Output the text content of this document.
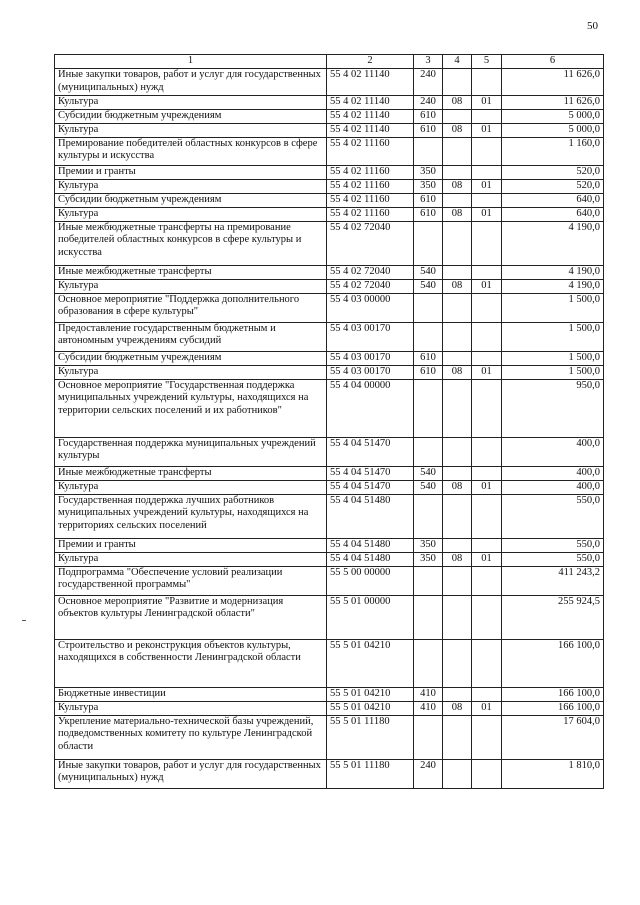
50
1	2	3	4	5	6
Иные закупки товаров, работ и услуг для государственных (муниципальных) нужд	55 4 02 11140	240			11 626,0
Культура	55 4 02 11140	240	08	01	11 626,0
Субсидии бюджетным учреждениям	55 4 02 11140	610			5 000,0
Культура	55 4 02 11140	610	08	01	5 000,0
Премирование победителей областных конкурсов в сфере культуры и искусства	55 4 02 11160				1 160,0
Премии и гранты	55 4 02 11160	350			520,0
Культура	55 4 02 11160	350	08	01	520,0
Субсидии бюджетным учреждениям	55 4 02 11160	610			640,0
Культура	55 4 02 11160	610	08	01	640,0
Иные межбюджетные трансферты на премирование победителей областных конкурсов в сфере культуры и искусства	55 4 02 72040				4 190,0
Иные межбюджетные трансферты	55 4 02 72040	540			4 190,0
Культура	55 4 02 72040	540	08	01	4 190,0
Основное мероприятие "Поддержка дополнительного образования в сфере культуры"	55 4 03 00000				1 500,0
Предоставление государственным бюджетным и автономным учреждениям субсидий	55 4 03 00170				1 500,0
Субсидии бюджетным учреждениям	55 4 03 00170	610			1 500,0
Культура	55 4 03 00170	610	08	01	1 500,0
Основное мероприятие "Государственная поддержка муниципальных учреждений культуры, находящихся на территории сельских поселений и их работников"	55 4 04 00000				950,0
Государственная поддержка муниципальных учреждений культуры	55 4 04 51470				400,0
Иные межбюджетные трансферты	55 4 04 51470	540			400,0
Культура	55 4 04 51470	540	08	01	400,0
Государственная поддержка лучших работников муниципальных учреждений культуры, находящихся на территориях сельских поселений	55 4 04 51480				550,0
Премии и гранты	55 4 04 51480	350			550,0
Культура	55 4 04 51480	350	08	01	550,0
Подпрограмма "Обеспечение условий реализации государственной программы"	55 5 00 00000				411 243,2
Основное мероприятие "Развитие и модернизация объектов культуры Ленинградской области"	55 5 01 00000				255 924,5
Строительство и реконструкция объектов культуры, находящихся в собственности Ленинградской области	55 5 01 04210				166 100,0
Бюджетные инвестиции	55 5 01 04210	410			166 100,0
Культура	55 5 01 04210	410	08	01	166 100,0
Укрепление материально-технической базы учреждений, подведомственных комитету по культуре Ленинградской области	55 5 01 11180				17 604,0
Иные закупки товаров, работ и услуг для государственных (муниципальных) нужд	55 5 01 11180	240			1 810,0
